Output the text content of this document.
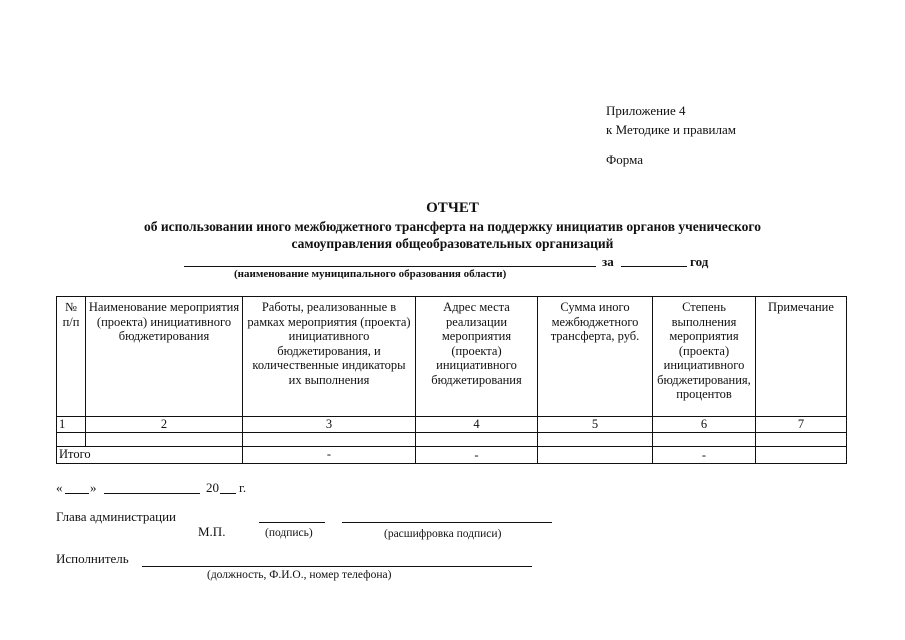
Приложение 4
к Методике и правилам
Форма
ОТЧЕТ
об использовании иного межбюджетного трансферта на поддержку инициатив органов ученического
самоуправления общеобразовательных организаций
за	год
(наименование муниципального образования области)
№ п/п	Наименование мероприятия (проекта) инициативного бюджетирования	Работы, реализованные в рамках мероприятия (проекта) инициативного бюджетирования, и количественные индикаторы их выполнения	Адрес места реализации мероприятия (проекта) инициативного бюджетирования	Сумма иного межбюджетного трансферта, руб.	Степень выполнения мероприятия (проекта) инициативного бюджетирования, процентов	Примечание
1	2	3	4	5	6	7

Итого		-	-		-	
« »	20 г.
Глава администрации
М.П.	(подпись)	(расшифровка подписи)
Исполнитель
(должность, Ф.И.О., номер телефона)
